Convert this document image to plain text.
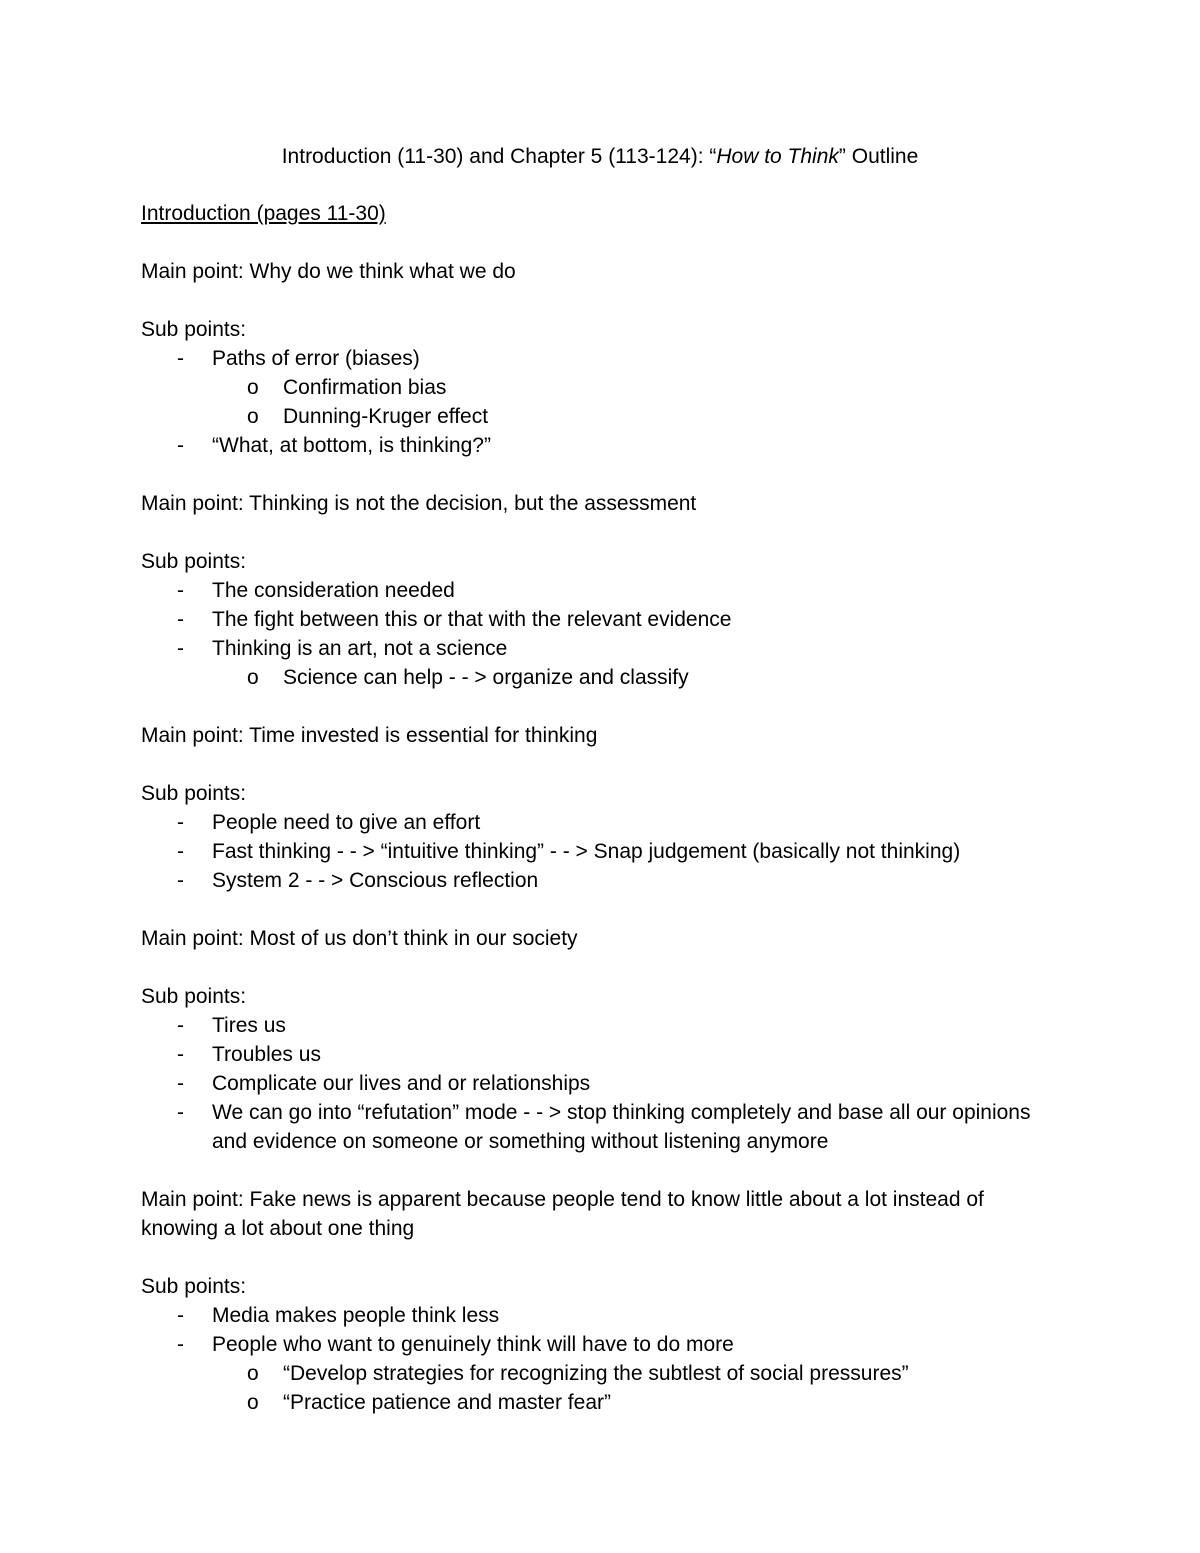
Introduction (11-30) and Chapter 5 (113-124): “How to Think” Outline
Introduction (pages 11-30)

Main point: Why do we think what we do

Sub points:

- Paths of error (biases)
o Confirmation bias
o Dunning-Kruger effect
- “What, at bottom, is thinking?”

Main point: Thinking is not the decision, but the assessment

Sub points:

- The consideration needed
- The fight between this or that with the relevant evidence
- Thinking is an art, not a science
o Science can help - - > organize and classify

Main point: Time invested is essential for thinking

Sub points:

- People need to give an effort
- Fast thinking - - > “intuitive thinking” - - > Snap judgement (basically not thinking)
- System 2 - - > Conscious reflection

Main point: Most of us don’t think in our society

Sub points:

- Tires us
- Troubles us
- Complicate our lives and or relationships
- We can go into “refutation” mode - - > stop thinking completely and base all our opinions and evidence on someone or something without listening anymore

Main point: Fake news is apparent because people tend to know little about a lot instead of knowing a lot about one thing

Sub points:

- Media makes people think less
- People who want to genuinely think will have to do more
o “Develop strategies for recognizing the subtlest of social pressures”
o “Practice patience and master fear”
